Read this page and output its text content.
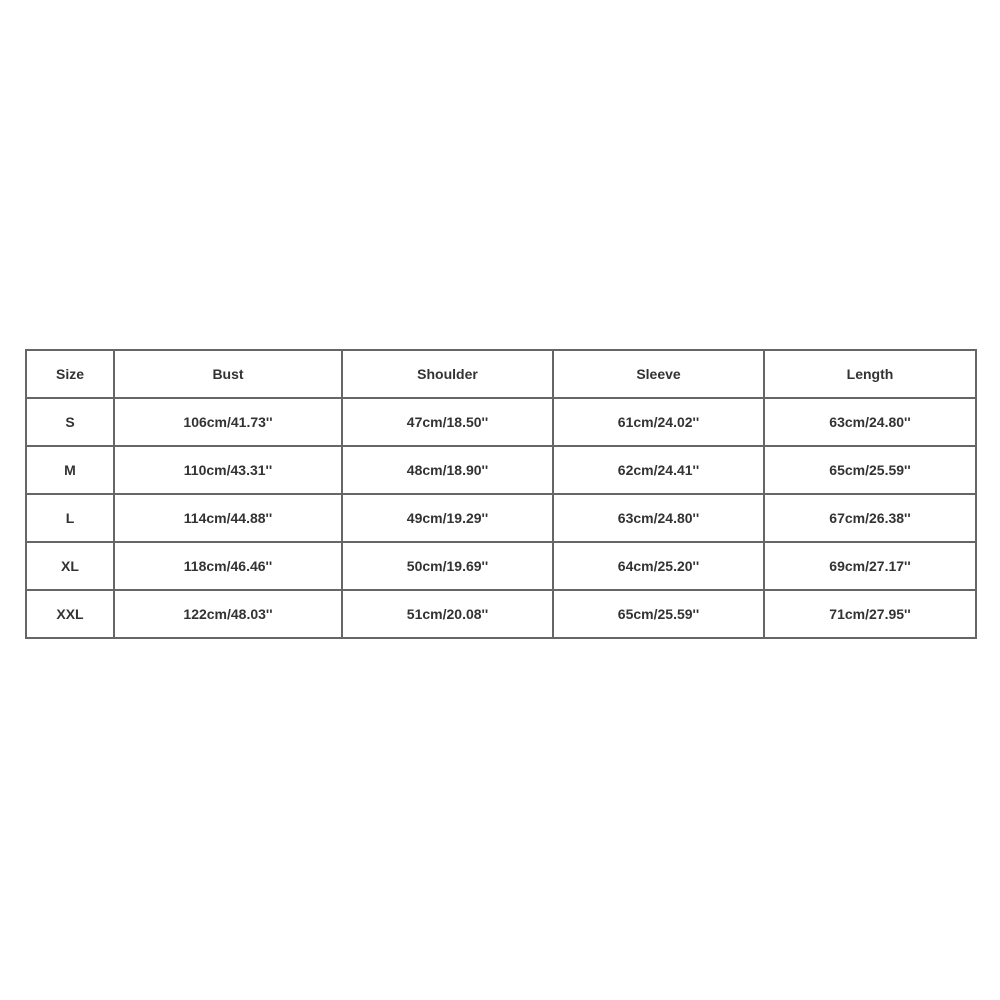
Size	Bust	Shoulder	Sleeve	Length
S	106cm/41.73''	47cm/18.50''	61cm/24.02''	63cm/24.80''
M	110cm/43.31''	48cm/18.90''	62cm/24.41''	65cm/25.59''
L	114cm/44.88''	49cm/19.29''	63cm/24.80''	67cm/26.38''
XL	118cm/46.46''	50cm/19.69''	64cm/25.20''	69cm/27.17''
XXL	122cm/48.03''	51cm/20.08''	65cm/25.59''	71cm/27.95''
